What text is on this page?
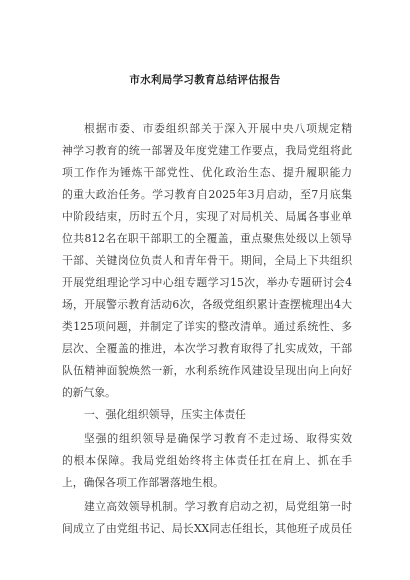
市水利局学习教育总结评估报告
根据市委、市委组织部关于深入开展中央八项规定精
神学习教育的统一部署及年度党建工作要点，我局党组将此
项工作作为锤炼干部党性、优化政治生态、提升履职能力
的重大政治任务。学习教育自2025年3月启动，至7月底集
中阶段结束，历时五个月，实现了对局机关、局属各事业单
位共812名在职干部职工的全覆盖，重点聚焦处级以上领导
干部、关键岗位负责人和青年骨干。期间，全局上下共组织
开展党组理论学习中心组专题学习15次，举办专题研讨会4
场，开展警示教育活动6次，各级党组织累计查摆梳理出4大
类125项问题，并制定了详实的整改清单。通过系统性、多
层次、全覆盖的推进，本次学习教育取得了扎实成效，干部
队伍精神面貌焕然一新，水利系统作风建设呈现出向上向好
的新气象。
一、强化组织领导，压实主体责任
坚强的组织领导是确保学习教育不走过场、取得实效
的根本保障。我局党组始终将主体责任扛在肩上、抓在手
上，确保各项工作部署落地生根。
建立高效领导机制。学习教育启动之初，局党组第一时
间成立了由党组书记、局长XX同志任组长，其他班子成员任
